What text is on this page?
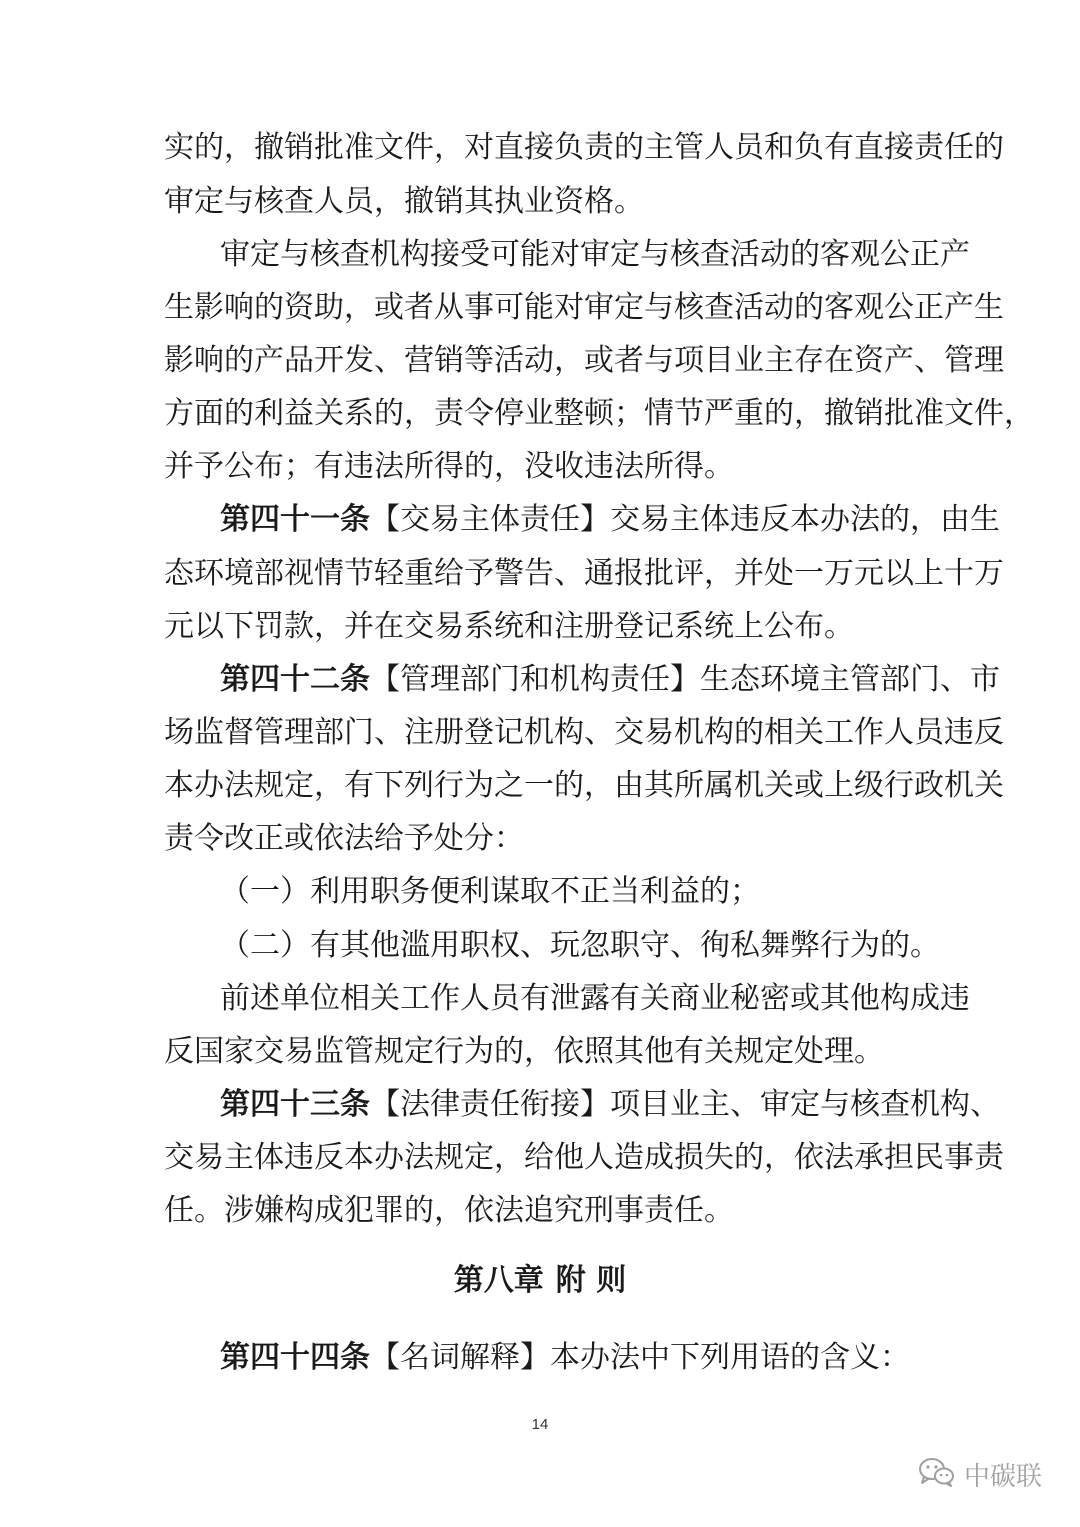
实的，撤销批准文件，对直接负责的主管人员和负有直接责任的
审定与核查人员，撤销其执业资格。
审定与核查机构接受可能对审定与核查活动的客观公正产
生影响的资助，或者从事可能对审定与核查活动的客观公正产生
影响的产品开发、营销等活动，或者与项目业主存在资产、管理
方面的利益关系的，责令停业整顿；情节严重的，撤销批准文件，
并予公布；有违法所得的，没收违法所得。
第四十一条【交易主体责任】交易主体违反本办法的，由生
态环境部视情节轻重给予警告、通报批评，并处一万元以上十万
元以下罚款，并在交易系统和注册登记系统上公布。
第四十二条【管理部门和机构责任】生态环境主管部门、市
场监督管理部门、注册登记机构、交易机构的相关工作人员违反
本办法规定，有下列行为之一的，由其所属机关或上级行政机关
责令改正或依法给予处分：
（一）利用职务便利谋取不正当利益的；
（二）有其他滥用职权、玩忽职守、徇私舞弊行为的。
前述单位相关工作人员有泄露有关商业秘密或其他构成违
反国家交易监管规定行为的，依照其他有关规定处理。
第四十三条【法律责任衔接】项目业主、审定与核查机构、
交易主体违反本办法规定，给他人造成损失的，依法承担民事责
任。涉嫌构成犯罪的，依法追究刑事责任。
第八章 附 则
第四十四条【名词解释】本办法中下列用语的含义：
14
中碳联
